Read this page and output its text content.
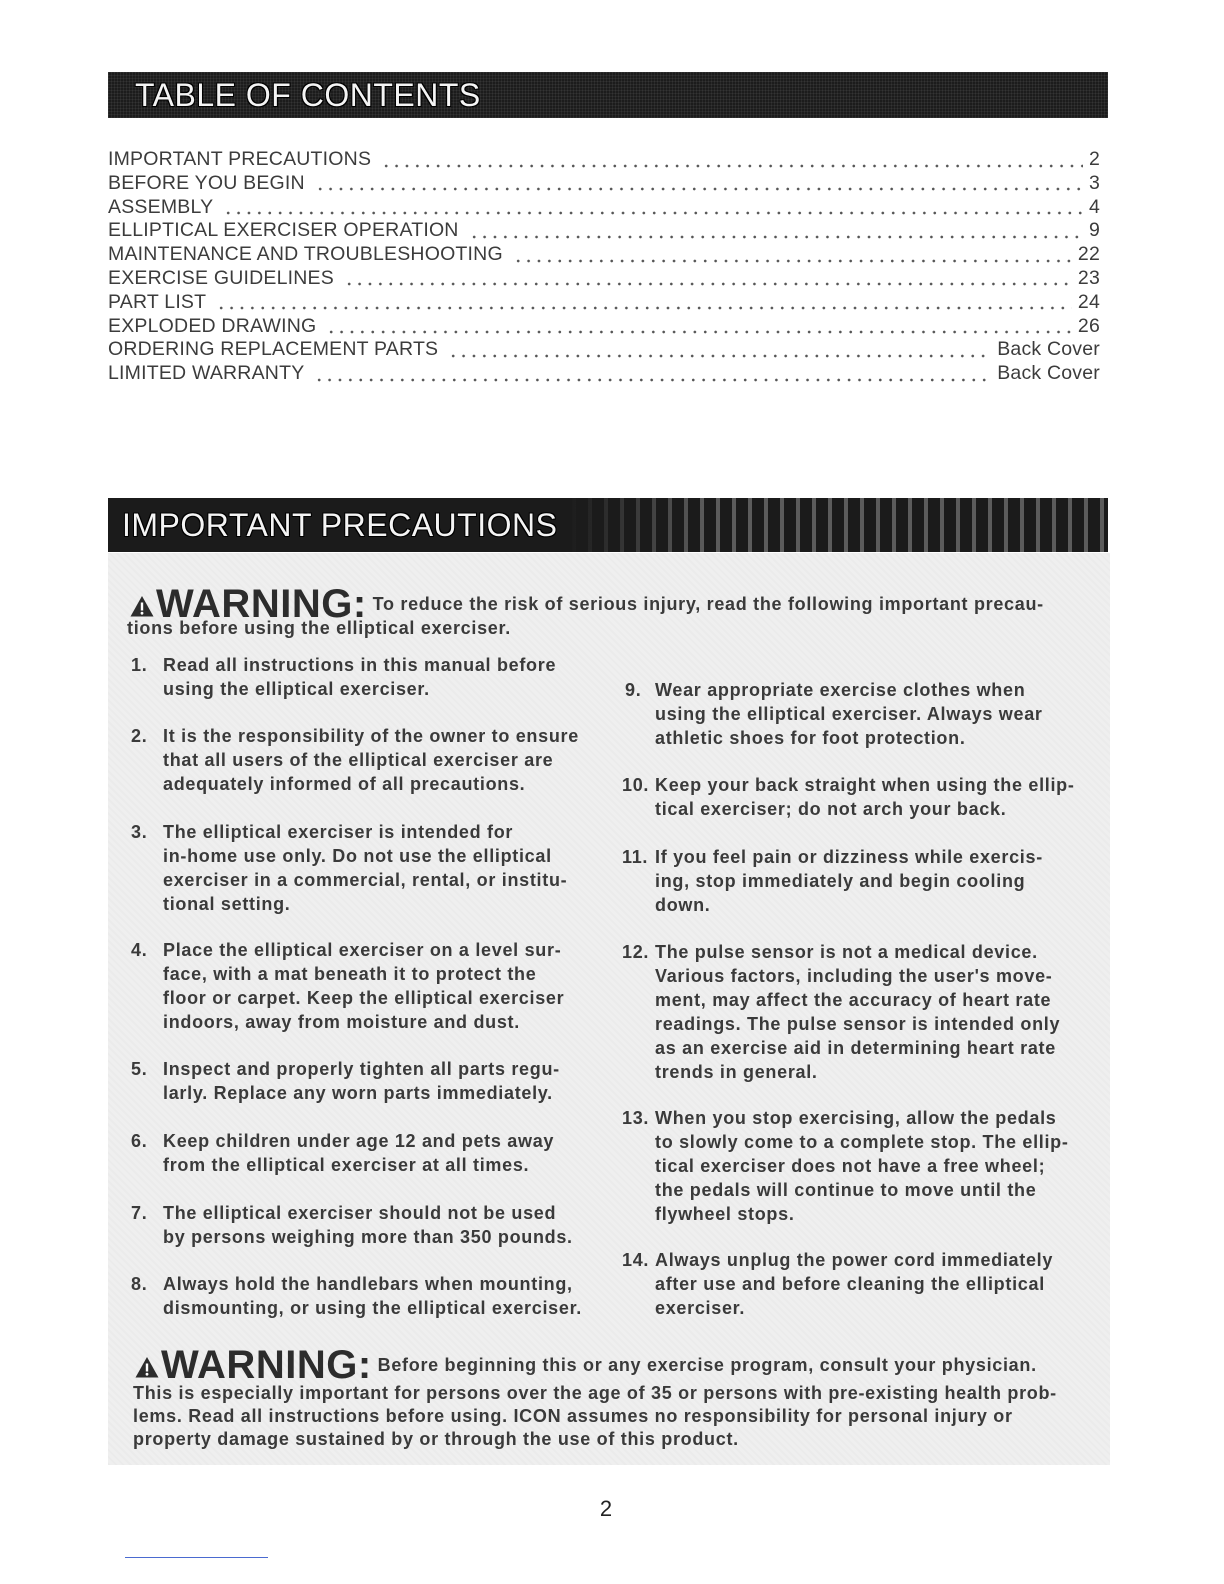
TABLE OF CONTENTS
IMPORTANT PRECAUTIONS	2
BEFORE YOU BEGIN	3
ASSEMBLY	4
ELLIPTICAL EXERCISER OPERATION	9
MAINTENANCE AND TROUBLESHOOTING	22
EXERCISE GUIDELINES	23
PART LIST	24
EXPLODED DRAWING	26
ORDERING REPLACEMENT PARTS	Back Cover
LIMITED WARRANTY	Back Cover
IMPORTANT PRECAUTIONS
WARNING: To reduce the risk of serious injury, read the following important precau-
tions before using the elliptical exerciser.
1. Read all instructions in this manual before
using the elliptical exerciser.
2. It is the responsibility of the owner to ensure
that all users of the elliptical exerciser are
adequately informed of all precautions.
3. The elliptical exerciser is intended for
in-home use only. Do not use the elliptical
exerciser in a commercial, rental, or institu-
tional setting.
4. Place the elliptical exerciser on a level sur-
face, with a mat beneath it to protect the
floor or carpet. Keep the elliptical exerciser
indoors, away from moisture and dust.
5. Inspect and properly tighten all parts regu-
larly. Replace any worn parts immediately.
6. Keep children under age 12 and pets away
from the elliptical exerciser at all times.
7. The elliptical exerciser should not be used
by persons weighing more than 350 pounds.
8. Always hold the handlebars when mounting,
dismounting, or using the elliptical exerciser.
9. Wear appropriate exercise clothes when
using the elliptical exerciser. Always wear
athletic shoes for foot protection.
10. Keep your back straight when using the ellip-
tical exerciser; do not arch your back.
11. If you feel pain or dizziness while exercis-
ing, stop immediately and begin cooling
down.
12. The pulse sensor is not a medical device.
Various factors, including the user's move-
ment, may affect the accuracy of heart rate
readings. The pulse sensor is intended only
as an exercise aid in determining heart rate
trends in general.
13. When you stop exercising, allow the pedals
to slowly come to a complete stop. The ellip-
tical exerciser does not have a free wheel;
the pedals will continue to move until the
flywheel stops.
14. Always unplug the power cord immediately
after use and before cleaning the elliptical
exerciser.
WARNING: Before beginning this or any exercise program, consult your physician.
This is especially important for persons over the age of 35 or persons with pre-existing health prob-
lems. Read all instructions before using. ICON assumes no responsibility for personal injury or
property damage sustained by or through the use of this product.
2
